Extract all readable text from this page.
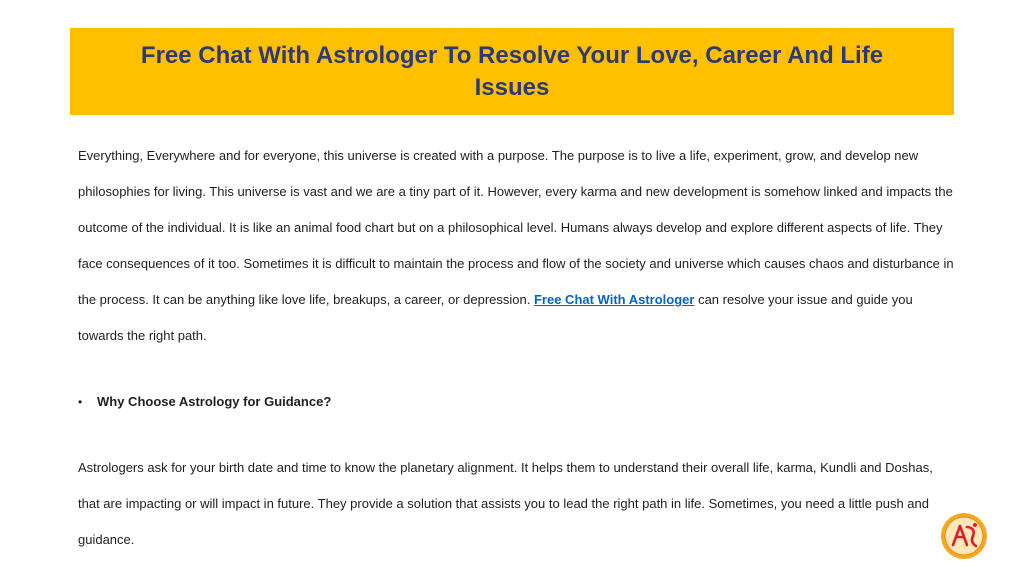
Free Chat With Astrologer To Resolve Your Love, Career And Life Issues

Everything, Everywhere and for everyone, this universe is created with a purpose. The purpose is to live a life, experiment, grow, and develop new philosophies for living. This universe is vast and we are a tiny part of it. However, every karma and new development is somehow linked and impacts the outcome of the individual. It is like an animal food chart but on a philosophical level. Humans always develop and explore different aspects of life. They face consequences of it too. Sometimes it is difficult to maintain the process and flow of the society and universe which causes chaos and disturbance in the process. It can be anything like love life, breakups, a career, or depression. Free Chat With Astrologer can resolve your issue and guide you towards the right path.

•	Why Choose Astrology for Guidance?

Astrologers ask for your birth date and time to know the planetary alignment. It helps them to understand their overall life, karma, Kundli and Doshas, that are impacting or will impact in future. They provide a solution that assists you to lead the right path in life. Sometimes, you need a little push and guidance.
